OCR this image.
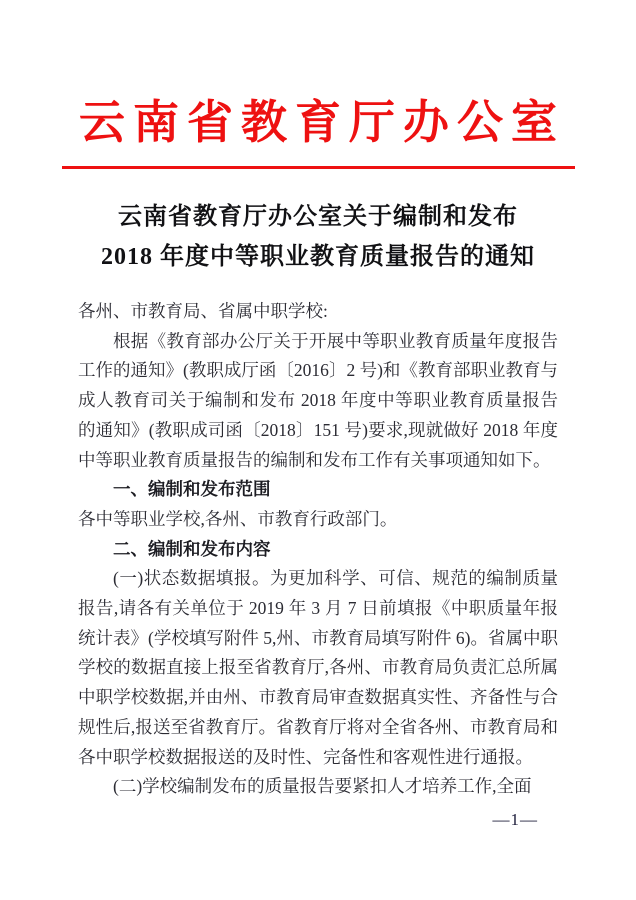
云南省教育厅办公室
云南省教育厅办公室关于编制和发布
2018 年度中等职业教育质量报告的通知

各州、市教育局、省属中职学校:

根据《教育部办公厅关于开展中等职业教育质量年度报告工作的通知》(教职成厅函〔2016〕2 号)和《教育部职业教育与成人教育司关于编制和发布 2018 年度中等职业教育质量报告的通知》(教职成司函〔2018〕151 号)要求,现就做好 2018 年度中等职业教育质量报告的编制和发布工作有关事项通知如下。

一、编制和发布范围

各中等职业学校,各州、市教育行政部门。

二、编制和发布内容

(一)状态数据填报。为更加科学、可信、规范的编制质量报告,请各有关单位于 2019 年 3 月 7 日前填报《中职质量年报统计表》(学校填写附件 5,州、市教育局填写附件 6)。省属中职学校的数据直接上报至省教育厅,各州、市教育局负责汇总所属中职学校数据,并由州、市教育局审查数据真实性、齐备性与合规性后,报送至省教育厅。省教育厅将对全省各州、市教育局和各中职学校数据报送的及时性、完备性和客观性进行通报。

(二)学校编制发布的质量报告要紧扣人才培养工作,全面

—1—
